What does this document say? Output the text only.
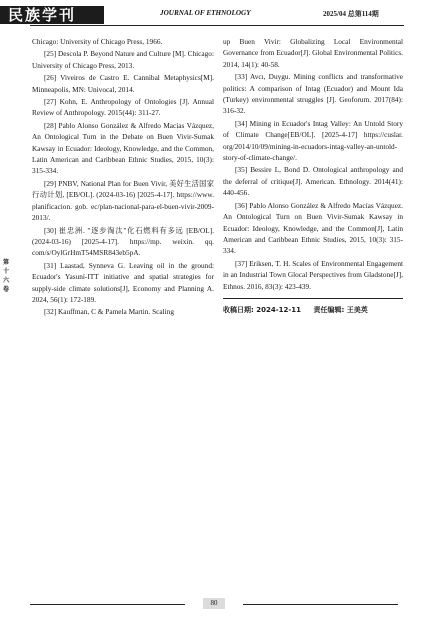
民族学刊	JOURNAL OF ETHNOLOGY	2025/04 总第114期
第
十
六
卷

Chicago: University of Chicago Press, 1966.

[25] Descola P. Beyond Nature and Culture [M]. Chicago: University of Chicago Press, 2013.

[26] Viveiros de Castro E. Cannibal Metaphysics[M]. Minneapolis, MN: Univocal, 2014.

[27] Kohn, E. Anthropology of Ontologies [J]. Annual Review of Anthropology. 2015(44): 311-27.

[28] Pablo Alonso González & Alfredo Macías Vázquez, An Ontological Turn in the Debate on Buen Vivir-Sumak Kawsay in Ecuador: Ideology, Knowledge, and the Common, Latin American and Caribbean Ethnic Studies, 2015, 10(3): 315-334.

[29] PNBV, National Plan for Buen Vivir, 美好生活国家行动计划, [EB/OL]. (2024-03-16) [2025-4-17]. https://www. planificacion. gob. ec/plan-nacional-para-el-buen-vivir-2009-2013/.

[30] 崔忠洲. "逐步淘汰"化石燃料有多远 [EB/OL]. (2024-03-16) [2025-4-17]. https://mp. weixin. qq. com/s/OylGrHmT54MSR843eb5pA.

[31] Laastad, Synneva G. Leaving oil in the ground: Ecuador's Yasuní-ITT initiative and spatial strategies for supply-side climate solutions[J], Economy and Planning A. 2024, 56(1): 172-189.

[32] Kauffman, C & Pamela Martin. Scaling

up Buen Vivir: Globalizing Local Environmental Governance from Ecuador[J]. Global Environmental Politics. 2014, 14(1): 40-58.

[33] Avcı, Duygu. Mining conflicts and transformative politics: A comparison of Intag (Ecuador) and Mount Ida (Turkey) environmental struggles [J]. Geoforum. 2017(84): 316-32.

[34] Mining in Ecuador's Intag Valley: An Untold Story of Climate Change[EB/OL]. [2025-4-17] https://cuslar. org/2014/10/09/mining-in-ecuadors-intag-valley-an-untold-story-of-climate-change/.

[35] Bessire L, Bond D. Ontological anthropology and the deferral of critique[J]. American. Ethnology. 2014(41): 440-456.

[36] Pablo Alonso González & Alfredo Macías Vázquez. An Ontological Turn on Buen Vivir-Sumak Kawsay in Ecuador: Ideology, Knowledge, and the Common[J], Latin American and Caribbean Ethnic Studies, 2015, 10(3): 315-334.

[37] Eriksen, T. H. Scales of Environmental Engagement in an Industrial Town Glocal Perspectives from Gladstone[J], Ethnos. 2016, 83(3): 423-439.

收稿日期: 2024-12-11 责任编辑: 王美英
80
